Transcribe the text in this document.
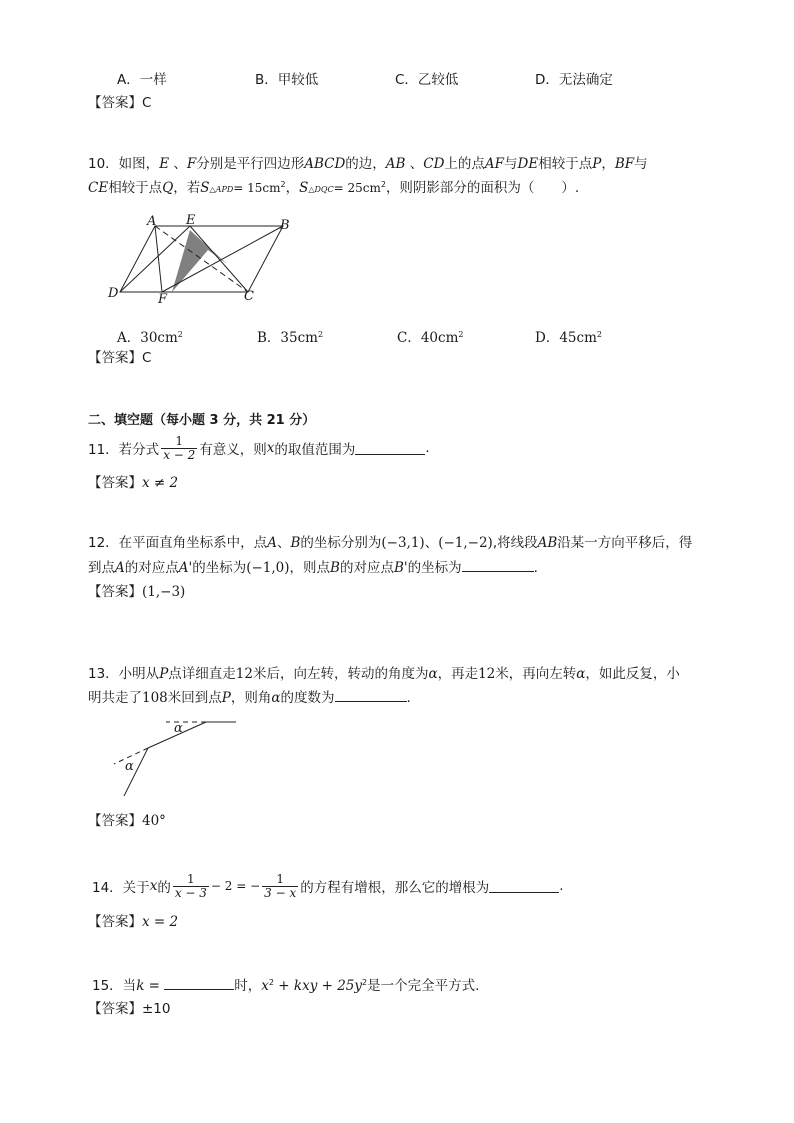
A．一样	B．甲较低	C．乙较低	D．无法确定
【答案】C
10．如图，E 、F分别是平行四边形ABCD的边，AB 、CD上的点AF与DE相较于点P，BF与
CE相较于点Q，若S△APD= $15cm^2$，S△DQC= $25cm^2$，则阴影部分的面积为（　　）.
A E	B
D	F	C
A．$30cm^2$	B．$35cm^2$	C．$40cm^2$	D．$45cm^2$
【答案】C
二、填空题（每小题 3 分，共 21 分）
11．若分式 $\frac{1}{x - 2}$ 有意义，则 x 的取值范围为	.
【答案】x ≠ 2
12．在平面直角坐标系中，点A、B的坐标分别为(−3,1)、(−1,−2),将线段AB沿某一方向平移后，得
到点A的对应点A'的坐标为(−1,0)，则点B的对应点B'的坐标为	.
【答案】(1,−3)
13．小明从P点详细直走12米后，向左转，转动的角度为α，再走12米，再向左转α，如此反复，小
明共走了108米回到点P，则角α的度数为	.
α
α
【答案】40°
14．关于 x 的 $\frac{1}{x - 3} - 2$ = − $\frac{1}{3 - x}$ 的方程有增根，那么它的增根为	.
【答案】x = 2
15．当k =	时，$x^2$ + kxy + $25y^2$是一个完全平方式.
【答案】±10
